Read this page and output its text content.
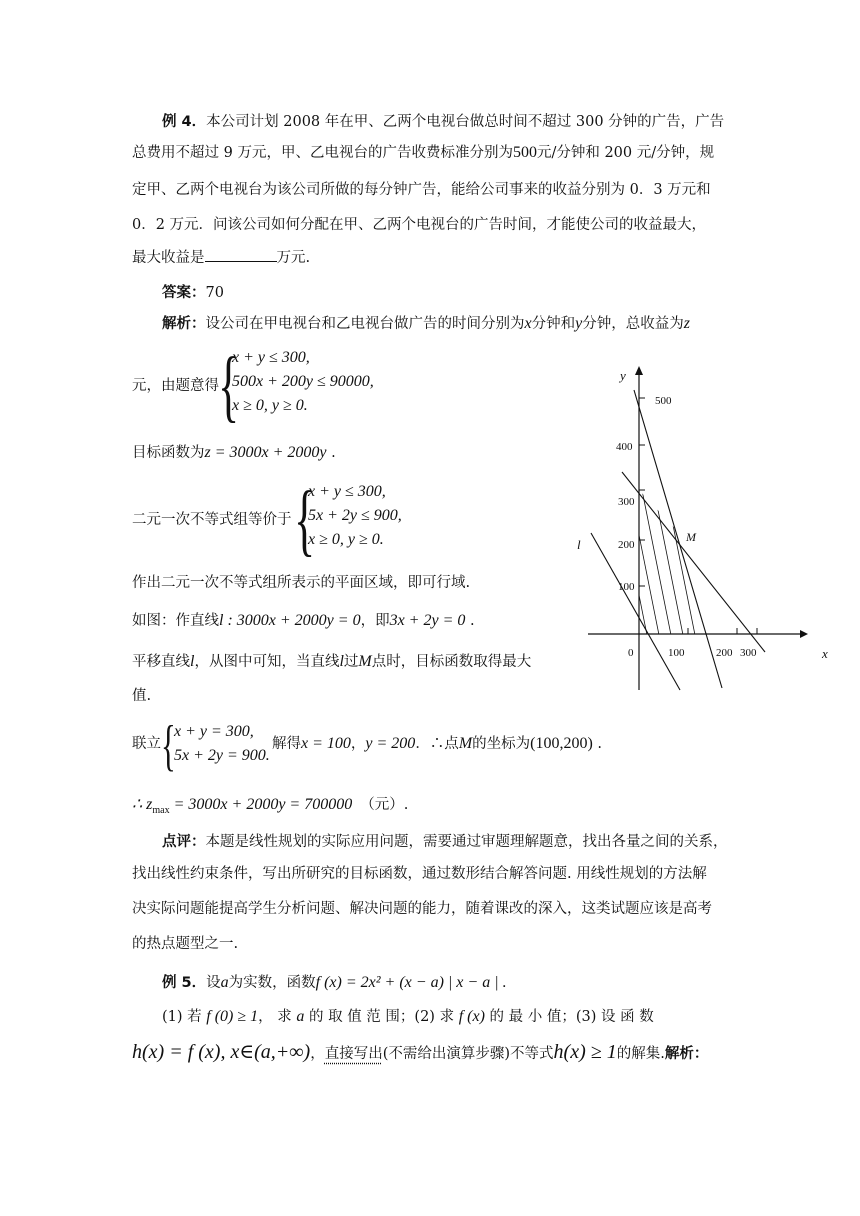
例 4．本公司计划 2008 年在甲、乙两个电视台做总时间不超过 300 分钟的广告，广告
总费用不超过 9 万元，甲、乙电视台的广告收费标准分别为500元/分钟和 200 元/分钟，规
定甲、乙两个电视台为该公司所做的每分钟广告，能给公司事来的收益分别为 0．3 万元和
0．2 万元．问该公司如何分配在甲、乙两个电视台的广告时间，才能使公司的收益最大，
最大收益是	万元.
答案：70
解析：设公司在甲电视台和乙电视台做广告的时间分别为x分钟和y分钟，总收益为z
元，由题意得 {
x + y ≤ 300,
500x + 200y ≤ 90000,
x ≥ 0, y ≥ 0.
目标函数为z = 3000x + 2000y .
二元一次不等式组等价于 {
x + y ≤ 300,
5x + 2y ≤ 900,
x ≥ 0, y ≥ 0.
作出二元一次不等式组所表示的平面区域，即可行域.
如图：作直线l : 3000x + 2000y = 0，即3x + 2y = 0 .
平移直线l，从图中可知，当直线l过M点时，目标函数取得最大
值.
联立 {
x + y = 300,
5x + 2y = 900.
解得x = 100，y = 200．∴点M的坐标为(100,200) .
∴ $z_{max} = 3000x + 2000y = 700000$ （元）.
点评：本题是线性规划的实际应用问题，需要通过审题理解题意，找出各量之间的关系，
找出线性约束条件，写出所研究的目标函数，通过数形结合解答问题. 用线性规划的方法解
决实际问题能提高学生分析问题、解决问题的能力，随着课改的深入，这类试题应该是高考
的热点题型之一.
例 5．设a为实数，函数f (x) = 2x² + (x − a) | x − a | .
(1) 若 f (0) ≥ 1， 求 a 的 取 值 范 围；(2) 求 f (x) 的 最 小 值；(3) 设 函 数
h(x) = f (x), x∈(a,+∞)，直接写出(不需给出演算步骤)不等式h(x) ≥ 1的解集.解析：
y
x
0
100
200
300
400
500
100	200 300
M
l
